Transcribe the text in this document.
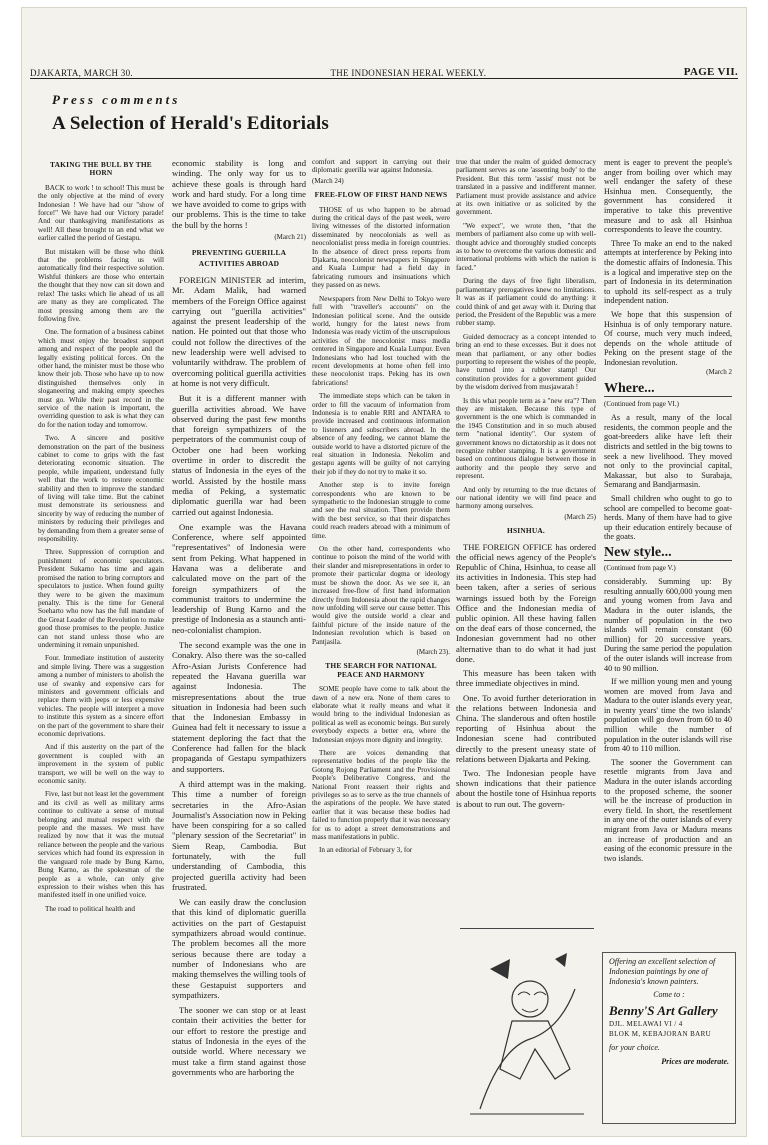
DJAKARTA, MARCH 30.	THE INDONESIAN HERAL WEEKLY.	PAGE VII.
Press comments
A Selection of Herald's Editorials
TAKING THE BULL BY THE HORN

BACK to work ! to school! This must be the only objective at the mind of every Indonesian ! We have had our "show of force!" We have had our Victory parade! And our thanksgiving manifestations as well! All these brought to an end what we earlier called the period of Gestapu.

But mistaken will be those who think that the problems facing us will automatically find their respective solution. Wishful thinkers are those who entertain the thought that they now can sit down and relax! The tasks which lie ahead of us all are many as they are complicated. The most pressing among them are the following five.

One. The formation of a business cabinet which must enjoy the broadest support among and respect of the people and the legally existing political forces. On the other hand, the minister must be those who know their job. Those who have up to now distinguished themselves only in sloganeering and making empty speeches must go. While their past record in the service of the nation is important, the overriding question to ask is what they can do for the nation today and tomorrow.

Two. A sincere and positive demonstration on the part of the business cabinet to come to grips with the fast deteriorating economic situation. The people, while impatient, understand fully well that the work to restore economic stability and then to improve the standard of living will take time. But the cabinet must demonstrate its seriousness and sincerity by way of reducing the number of ministers by reducing their privileges and by demanding from them a greater sense of responsibility.

Three. Suppression of corruption and punishment of economic speculators. President Sukarno has time and again promised the nation to bring corruptors and speculators to justice. When found guilty they were to be given the maximum penalty. This is the time for General Soeharto who now has the full mandate of the Great Leader of the Revolution to make good those promises to the people. Justice can not stand unless those who are undermining it remain unpunished.

Four. Immediate institution of austerity and simple living. There was a suggestion among a number of ministers to abolish the use of swanky and expensive cars for ministers and government officials and replace them with jeeps or less expensive vehicles. The people will interpret a move to institute this system as a sincere effort on the part of the government to share their economic deprivations.

And if this austerity on the part of the government is coupled with an improvement in the system of public transport, we will be well on the way to economic sanity.

Five, last but not least let the government and its civil as well as military arms continue to cultivate a sense of mutual belonging and mutual respect with the people and the masses. We must have realized by now that it was the mutual reliance between the people and the various services which had found its expression in the vanguard role made by Bung Karno, Bung Karno, as the spokesman of the people as a whole, can only give expression to their wishes when this has manifested itself in one unified voice.

The road to political health and

economic stability is long and winding. The only way for us to achieve these goals is through hard work and hard study. For a long time we have avoided to come to grips with our problems. This is the time to take the bull by the horns !

(March 21)
PREVENTING GUERILLA ACTIVITIES ABROAD

FOREIGN MINISTER ad interim, Mr. Adam Malik, had warned members of the Foreign Office against carrying out "guerilla activities" against the present leadership of the nation. He pointed out that those who could not follow the directives of the new leadership were well advised to voluntarily withdraw. The problem of overcoming political guerilla activities at home is not very difficult.

But it is a different manner with guerilla activities abroad. We have observed during the past few months that foreign sympathizers of the perpetrators of the communist coup of October one had been working overtime in order to discredit the status of Indonesia in the eyes of the world. Assisted by the hostile mass media of Peking, a systematic diplomatic guerilla war had been carried out against Indonesia.

One example was the Havana Conference, where self appointed "representatives" of Indonesia were sent from Peking. What happened in Havana was a deliberate and calculated move on the part of the foreign sympathizers of the communist traitors to undermine the leadership of Bung Karno and the prestige of Indonesia as a staunch anti-neo-colonialist champion.

The second example was the one in Conakry. Also there was the so-called Afro-Asian Jurists Conference had repeated the Havana guerilla war against Indonesia. The misrepresentations about the true situation in Indonesia had been such that the Indonesian Embassy in Guinea had felt it necessary to issue a statement deploring the fact that the Conference had fallen for the black propaganda of Gestapu sympathizers and supporters.

A third attempt was in the making. This time a number of foreign secretaries in the Afro-Asian Journalist's Association now in Peking have been conspiring for a so called "plenary session of the Secretariat" in Siem Reap, Cambodia. But fortunately, with the full understanding of Cambodia, this projected guerilla activity had been frustrated.

We can easily draw the conclusion that this kind of diplomatic guerilla activities on the part of Gestapuist sympathizers abroad would continue. The problem becomes all the more serious because there are today a number of Indonesians who are making themselves the willing tools of these Gestapuist supporters and sympathizers.

The sooner we can stop or at least contain their activities the better for our effort to restore the prestige and status of Indonesia in the eyes of the outside world. Where necessary we must take a firm stand against those governments who are harboring the

comfort and support in carrying out their diplomatic guerilla war against Indonesia.

(March 24)
FREE-FLOW OF FIRST HAND NEWS

THOSE of us who happen to be abroad during the critical days of the past week, were living witnesses of the distorted information disseminated by neocolonials as well as neocolonialist press media in foreign countries. In the absence of direct press reports from Djakarta, neocolonist newspapers in Singapore and Kuala Lumpur had a field day in fabricating rumours and insinuations which they passed on as news.

Newspapers from New Delhi to Tokyo were full with "traveller's accounts" on the Indonesian political scene. And the outside world, hungry for the latest news from Indonesia was ready victim of the unscrupulous activities of the neocolonist mass media centered in Singapore and Kuala Lumpur. Even Indonesians who had lost touched with the recent developments at home often fell into these neocolonist traps. Peking has its own fabrications!

The immediate steps which can be taken in order to fill the vacuum of information from Indonesia is to enable RRI and ANTARA to provide increased and continuous information to listeners and subscribers abroad. In the absence of any feeding, we cannot blame the outside world to have a distorted picture of the real situation in Indonesia. Nekolim and gestapu agents will be guilty of not carrying their job if they do not try to make it so.

Another step is to invite foreign correspondents who are known to be sympathetic to the Indonesian struggle to come and see the real situation. Then provide them with the best service, so that their dispatches could reach readers abroad with a minimum of time.

On the other hand, correspondents who continue to poison the mind of the world with their slander and misrepresentations in order to promote their particular dogma or ideology must be shown the door. As we see it, an increased free-flow of first hand information directly from Indonesia about the rapid changes now unfolding will serve our cause better. This would give the outside world a clear and faithful picture of the inside nature of the Indonesian revolution which is based on Pantjasila.

(March 23).
THE SEARCH FOR NATIONAL PEACE AND HARMONY

SOME people have come to talk about the dawn of a new era. None of them cares to elaborate what it really means and what it would bring to the individual Indonesian as political as well as economic beings. But surely everybody expects a better era, where the Indonesian enjoys more dignity and integrity.

There are voices demanding that representative bodies of the people like the Gotong Rojong Parliament and the Provisional People's Deliberative Congress, and the National Front reassert their rights and privileges so as to serve as the true channels of the aspirations of the people. We have stated earlier that it was because these bodies had failed to function properly that it was necessary for us to adopt a street demonstrations and mass manifestations in public.

In an editorial of February 3, for

true that under the realm of guided democracy parliament serves as one 'assenting body' to the President. But this term 'assist' must not be translated in a passive and indifferent manner. Parliament must provide assistance and advice at its own initiative or as solicited by the government.

"We expect", we wrote then, "that the members of parliament also come up with well-thought advice and thoroughly studied concepts as to how to overcome the various domestic and international problems with which the nation is faced."

During the days of free fight liberalism, parliamentary prerogatives knew no limitations. It was as if parliament could do anything: it could think of and get away with it. During that period, the President of the Republic was a mere rubber stamp.

Guided democracy as a concept intended to bring an end to these excesses. But it does not mean that parliament, or any other bodies purporting to represent the wishes of the people, have turned into a rubber stamp! Our constitution provides for a government guided by the wisdom derived from musjawarah !

Is this what people term as a "new era"? Then they are mistaken. Because this type of government is the one which is commanded in the 1945 Constitution and in so much abused term "national identity". Our system of government knows no dictatorship as it does not recognize rubber stamping. It is a government based on continuous dialogue between those in authority and the people they serve and represent.

And only by returning to the true dictates of our national identity we will find peace and harmony among ourselves.

(March 25)
HSINHUA.

THE FOREIGN OFFICE has ordered the official news agency of the People's Republic of China, Hsinhua, to cease all its activities in Indonesia. This step had been taken, after a series of serious warnings issued both by the Foreign Office and the Indonesian media of public opinion. All these having fallen on the deaf ears of those concerned, the Indonesian government had no other alternative than to do what it had just done.

This measure has been taken with three immediate objectives in mind.

One. To avoid further deterioration in the relations between Indonesia and China. The slanderous and often hostile reporting of Hsinhua about the Indonesian scene had contributed directly to the present uneasy state of relations between Djakarta and Peking.

Two. The Indonesian people have shown indications that their patience about the hostile tone of Hsinhua reports is about to run out. The govern-

ment is eager to prevent the people's anger from boiling over which may well endanger the safety of these Hsinhua men. Consequently, the government has considered it imperative to take this preventive measure and to ask all Hsinhua correspondents to leave the country.

Three To make an end to the naked attempts at interference by Peking into the domestic affairs of Indonesia. This is a logical and imperative step on the part of Indonesia in its determination to uphold its self-respect as a truly independent nation.

We hope that this suspension of Hsinhua is of only temporary nature. Of course, much very much indeed, depends on the whole attitude of Peking on the present stage of the Indonesian revolution.

(March 2
Where...
(Continued from page VI.)

As a result, many of the local residents, the common people and the goat-breeders alike have left their districts and settled in the big towns to seek a new livelihood. They moved not only to the provincial capital, Makassar, but also to Surabaja, Semarang and Bandjarmasin.

Small children who ought to go to school are compelled to become goat-herds. Many of them have had to give up their education entirely because of the goats.

New style...
(Continued from page V.)

considerably. Summing up: By resulting annually 600,000 young men and young women from Java and Madura in the outer islands, the number of population in the two islands will remain constant (60 million) for 20 successive years. During the same period the population of the outer islands will increase from 40 to 90 million.

If we million young men and young women are moved from Java and Madura to the outer islands every year, in twenty years' time the two islands' population will go down from 60 to 40 million while the number of population in the outer islands will rise from 40 to 110 million.

The sooner the Government can resettle migrants from Java and Madura in the outer islands according to the proposed scheme, the sooner will be the increase of production in every field. In short, the resettlement in any one of the outer islands of every migrant from Java or Madura means an increase of production and an easing of the economic pressure in the two islands.

Offering an excellent selection of
Indonesian paintings by one of
Indonesia's known painters.
Come to :
Benny'S Art Gallery
DJL. MELAWAI VI / 4
BLOK M, KEBAJORAN BARU
for your choice.
Prices are moderate.
